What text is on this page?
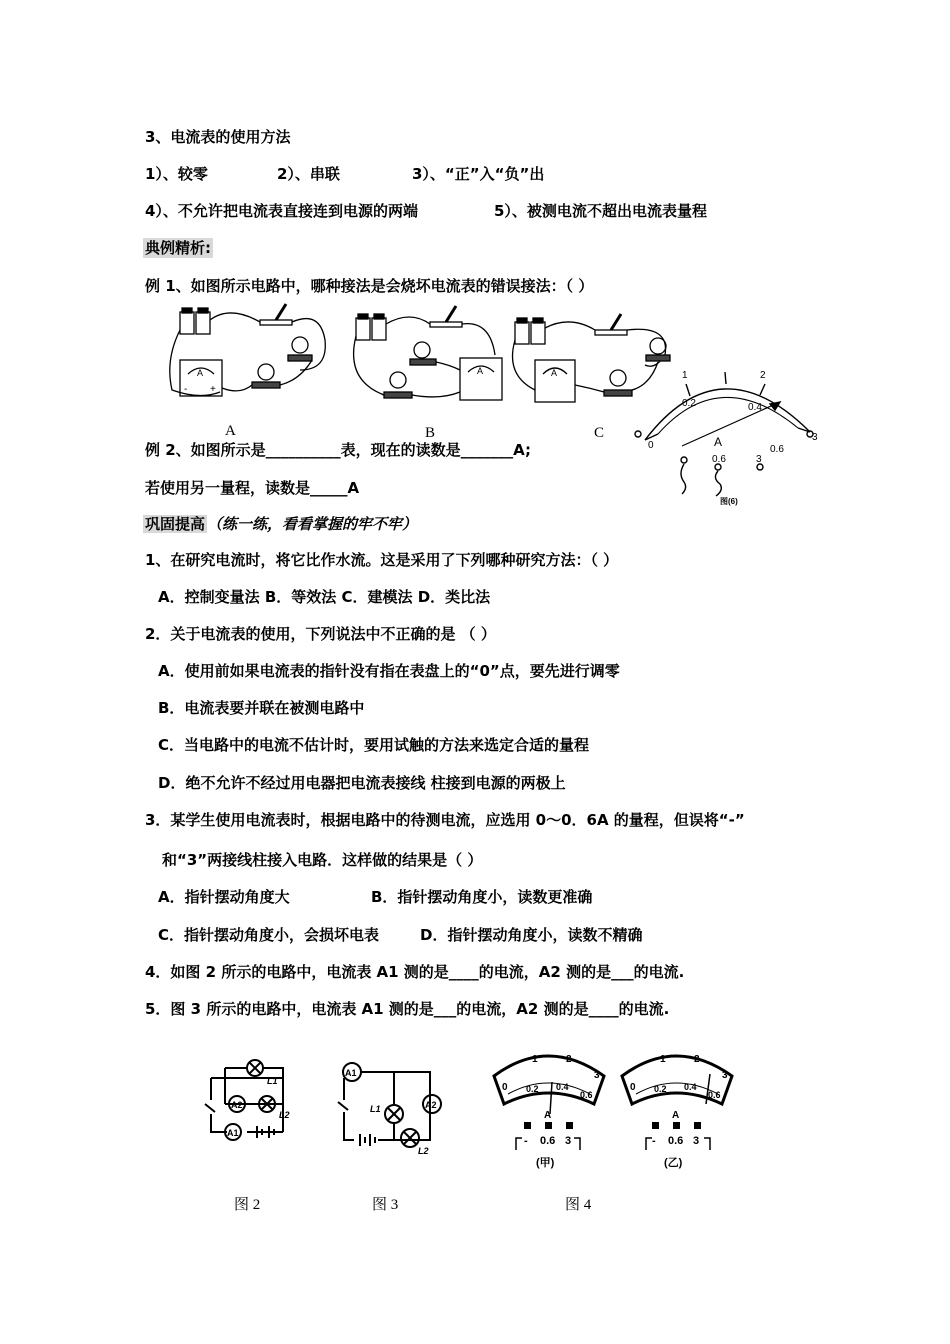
3、电流表的使用方法
1）、较零	2）、串联	3）、“正”入“负”出
4）、不允许把电流表直接连到电源的两端	5）、被测电流不超出电流表量程
典例精析:
例 1、如图所示电路中，哪种接法是会烧坏电流表的错误接法：（ ）
A
- +
A	A
A	B	C
1	2
3
0
0.2	0.4
0.6
A
0.6	3
图(6)
例 2、如图所示是__________表，现在的读数是_______A;
若使用另一量程，读数是_____A
巩固提高 （练一练，看看掌握的牢不牢）
1、在研究电流时，将它比作水流。这是采用了下列哪种研究方法：（ ）
A．控制变量法 B．等效法 C．建模法 D．类比法
2．关于电流表的使用，下列说法中不正确的是 （ ）
A．使用前如果电流表的指针没有指在表盘上的“0”点，要先进行调零
B．电流表要并联在被测电路中
C．当电路中的电流不估计时，要用试触的方法来选定合适的量程
D．绝不允许不经过用电器把电流表接线 柱接到电源的两极上
3．某学生使用电流表时，根据电路中的待测电流，应选用 0～0．6A 的量程，但误将“-”
和“3”两接线柱接入电路．这样做的结果是（ ）
A．指针摆动角度大	B．指针摆动角度小，读数更准确
C．指针摆动角度小，会损坏电表	D．指针摆动角度小，读数不精确
4．如图 2 所示的电路中，电流表 A1 测的是____的电流，A2 测的是___的电流.
5．图 3 所示的电路中，电流表 A1 测的是___的电流，A2 测的是____的电流.
A2
A1
L1
L2
A1
A2
L1
L2
0
1	2
3
0.2 0.4
0.6
A
- 0.6 3
(甲)
0
1	2
3
0.2 0.4
0.6
A
- 0.6 3
(乙)
图 2	图 3	图 4
